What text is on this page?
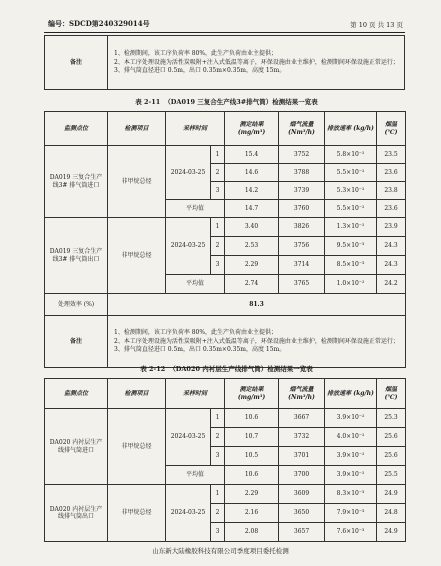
编号：SDCD第240329014号	第 10 页 共 13 页
备注	
1、检测期间，该工序负荷率 80%，此生产负荷由业主提供；
2、本工序处理设施为活性炭吸附+注入式低温等离子，环保设施由业主维护，检测期间环保设施正常运行；
3、排气筒直径进口 0.5m，出口 0.35m×0.35m，高度 15m。
表 2-11 （DA019 三复合生产线3#排气筒）检测结果一览表
监测点位	检测项目	采样时间		测定结果 (mg/m³)	烟气流量 (Nm³/h)	排放速率 (kg/h)	烟温 (℃)
DA019 三复合生产线3# 排气筒进口	非甲烷总烃	2024-03-25	1	15.4	3752	5.8×10⁻²	23.5
			2	14.6	3788	5.5×10⁻²	23.6
			3	14.2	3739	5.3×10⁻²	23.8
		平均值		14.7	3760	5.5×10⁻²	23.6
DA019 三复合生产线3# 排气筒出口	非甲烷总烃	2024-03-25	1	3.40	3826	1.3×10⁻²	23.9
			2	2.53	3756	9.5×10⁻³	24.3
			3	2.29	3714	8.5×10⁻³	24.3
		平均值		2.74	3765	1.0×10⁻²	24.2
处理效率 (%)	81.3						
备注	1、检测期间，该工序负荷率 80%，此生产负荷由业主提供；
2、本工序处理设施为活性炭吸附+注入式低温等离子，环保设施由业主维护，检测期间环保设施正常运行；
3、排气筒直径进口 0.5m，出口 0.35m×0.35m，高度 15m。						
表 2-12 （DA020 内衬层生产线排气筒）检测结果一览表
监测点位	检测项目	采样时间		测定结果 (mg/m³)	烟气流量 (Nm³/h)	排放速率 (kg/h)	烟温 (℃)
DA020 内衬层生产线排气筒进口	非甲烷总烃	2024-03-25	1	10.6	3667	3.9×10⁻²	25.3
			2	10.7	3732	4.0×10⁻²	25.6
			3	10.5	3701	3.9×10⁻²	25.6
		平均值		10.6	3700	3.9×10⁻²	25.5
DA020 内衬层生产线排气筒出口	非甲烷总烃	2024-03-25	1	2.29	3609	8.3×10⁻³	24.9
			2	2.16	3650	7.9×10⁻³	24.8
			3	2.08	3657	7.6×10⁻³	24.9
山东新大陆橡胶科技有限公司季度项目委托检测
